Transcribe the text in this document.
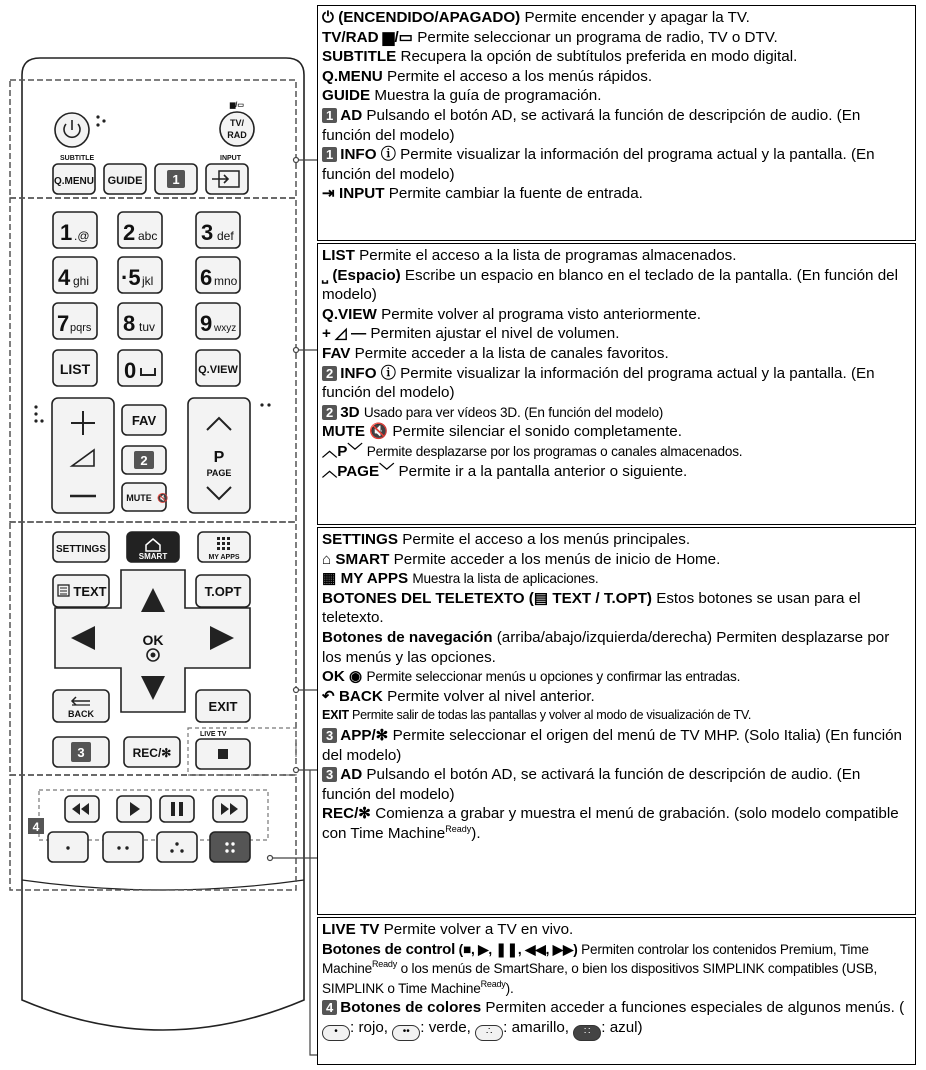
TV/
RAD
▆/▭
SUBTITLE	INPUT
Q.MENU GUIDE 1
1 .@ 2 abc 3 def
4 ghi ·5 jkl 6 mno
7 pqrs 8 tuv 9 wxyz
LIST 0	Q.VIEW
FAV
2
MUTE 🔇
P
PAGE
SETTINGS
SMART	MY APPS
TEXT	T.OPT
OK
BACK	EXIT
3	REC/✻
LIVE TV
4

⏻ (ENCENDIDO/APAGADO) Permite encender y apagar la TV.

TV/RAD ▆/▭ Permite seleccionar un programa de radio, TV o DTV.

SUBTITLE Recupera la opción de subtítulos preferida en modo digital.

Q.MENU Permite el acceso a los menús rápidos.

GUIDE Muestra la guía de programación.

1 AD Pulsando el botón AD, se activará la función de descripción de audio. (En función del modelo)

1 INFO ⓘ Permite visualizar la información del programa actual y la pantalla. (En función del modelo)

⇥ INPUT Permite cambiar la fuente de entrada.

LIST Permite el acceso a la lista de programas almacenados.

⎵ (Espacio) Escribe un espacio en blanco en el teclado de la pantalla. (En función del modelo)

Q.VIEW Permite volver al programa visto anteriormente.

+ ◿ — Permiten ajustar el nivel de volumen.

FAV Permite acceder a la lista de canales favoritos.

2 INFO ⓘ Permite visualizar la información del programa actual y la pantalla. (En función del modelo)

2 3D Usado para ver vídeos 3D. (En función del modelo)

MUTE 🔇 Permite silenciar el sonido completamente.

︿P﹀ Permite desplazarse por los programas o canales almacenados.

︿PAGE﹀ Permite ir a la pantalla anterior o siguiente.

SETTINGS Permite el acceso a los menús principales.

⌂ SMART Permite acceder a los menús de inicio de Home.

▦ MY APPS Muestra la lista de aplicaciones.

BOTONES DEL TELETEXTO (▤ TEXT / T.OPT) Estos botones se usan para el teletexto.

Botones de navegación (arriba/abajo/izquierda/derecha) Permiten desplazarse por los menús y las opciones.

OK ◉ Permite seleccionar menús u opciones y confirmar las entradas.

↶ BACK Permite volver al nivel anterior.

EXIT Permite salir de todas las pantallas y volver al modo de visualización de TV.

3 APP/✻ Permite seleccionar el origen del menú de TV MHP. (Solo Italia) (En función del modelo)

3 AD Pulsando el botón AD, se activará la función de descripción de audio. (En función del modelo)

REC/✻ Comienza a grabar y muestra el menú de grabación. (solo modelo compatible con Time Machine$^{Ready}$).

LIVE TV Permite volver a TV en vivo.

Botones de control (■, ▶, ❚❚, ◀◀, ▶▶) Permiten controlar los contenidos Premium, Time Machine$^{Ready}$ o los menús de SmartShare, o bien los dispositivos SIMPLINK compatibles (USB, SIMPLINK o Time Machine$^{Ready}$).

4 Botones de colores Permiten acceder a funciones especiales de algunos menús. ( • : rojo, •• : verde, ∴ : amarillo, ∷ : azul)
